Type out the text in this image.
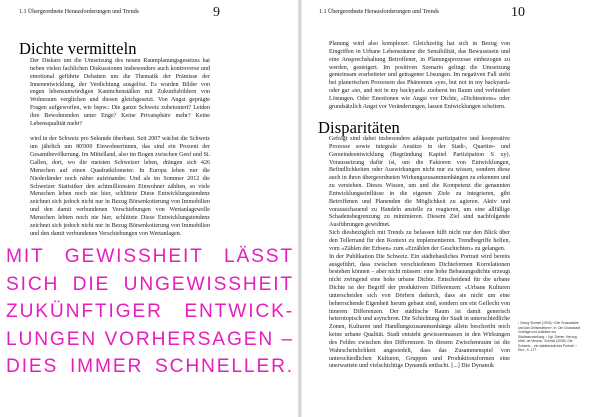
1.1 Übergeordnete Herausforderungen und Trends	9
Dichte vermitteln

Der Diskurs um die Umsetzung des neuen Raumplanungsgesetzes hat neben vielen fachlichen Diskussionen insbesondere auch kontroverse und emotional geführte Debatten um die Thematik der Prämisse der Innenentwicklung, der Verdichtung ausgelöst. Es wurden Bilder von engen lebensunwürdigen Kaninchenställen mit Zukunftsbildern von Wohnraum verglichen und diesen gleichgesetzt. Von Angst geprägte Fragen aufgeworfen, wie bspw.: Die ganze Schweiz zubetoniert? Leiden ihre Bewohnenden unter Enge? Keine Privatsphäre mehr? Keine Lebensqualität mehr?

wird in der Schweiz pro Sekunde überbaut. Seit 2007 wächst die Schweiz um jährlich um 80'000 Einwohnerinnen, das sind ein Prozent der Gesamtbevölkerung. Im Mittelland, also im Bogen zwischen Genf und St. Gallen, dort, wo die meisten Schweizer leben, drängen sich 426 Menschen auf einen Quadratkilometer. In Europa leben nur die Niederländer noch näher aufeinander. Und als im Sommer 2012 die Schweizer Statistiker den achtmillionsten Einwohner zählten, so viele Menschen leben noch nie hier, schlittete Diese Entwicklungstendenz zeichnet sich jedoch nicht nur in Bezug Börsenkotierung von Immobilien und den damit verbundenen Verschiebungen von Wertanlagewelle Menschen lebten noch nie hier, schlittete Diese Entwicklungstendenz zeichnet sich jedoch nicht nur in Bezug Börsenkotierung von Immobilien und den damit verbundenen Verschiebungen von Wertanlagen.

MIT GEWISSHEIT LÄSST
SICH DIE UNGEWISSHEIT
ZUKÜNFTIGER ENTWICK-
LUNGEN VORHERSAGEN –
DIES IMMER SCHNELLER.
1.1 Übergeordnete Herausforderungen und Trends	10

Planung wird also komplexer. Gleichzeitig hat sich in Bezug von Eingriffen in Urbane Lebensräume die Sensibilität, das Bewusstsein und eine Ansprechshaltung Betroffener, in Planungsprozesse einbezogen zu werden, gesteigert. Im positiven Szenario gelingt die Umsetzung gemeinsam erarbeiteter und getragener Lösungen. Im negativen Fall steht bei planerischen Prozessen das Phänomen «yes, but not in my backyard» oder gar «no, and not in my backyard» zuoberst im Raum und verhindert Lösungen. Oder Emotionen wie Angst vor Dichte, «Dichtestress» oder grundsätzlich Angst vor Veränderungen, lassen Entwicklungen scheitern.

Disparitäten

Gefragt sind dabei insbesondere adäquate partizipative und kooperative Prozesse sowie integrale Ansätze in der Stadt-, Quartier- und Gemeindeentwicklung (Begründung Kapitel Partizipation S xy). Voraussetzung dafür ist, um die Faktoren von Entwicklungen, Befindlichkeiten oder Auswirkungen nicht nur zu wissen, sondern diese auch in ihren übergeordneten Wirkungszusammenhängen zu erkennen und zu verstehen. Dieses Wissen, um und die Kompetenz die genannten Entwicklungseinflüsse in die eigenen Ziele zu integrieren, gibt Betroffenen und Planenden die Möglichkeit zu agieren. Aktiv und vorausschauend zu Handeln anstelle zu reagieren, um eine allfällige Schadensbegrenzung zu minimieren. Diesem Ziel sind nachfolgende Ausführungen gewidmet.

Sich diesbezüglich mit Trends zu befassen hilft nicht nur den Blick über den Tellerrand für den Kontext zu implementieren. Trendbegriffe helfen, vom «Zählen der Erbsen» zum «Erzählen der Geschichten» zu gelangen.

In der Publikation Die Schweiz. Ein städtebauliches Portrait wird bereits ausgeführt, dass zwischen verschiedenen Dichteformen Korrelationen bestehen können – aber nicht müssen: eine hohe Bebauungsdichte erzeugt nicht zwingend eine hohe urbane Dichte. Entscheidend für die urbane Dichte ist der Begriff der produktiven Differenzen: «Urbane Kulturen unterscheiden sich von Dörfern dadurch, dass sie nicht um eine beherrschende Eigenheit herum gebaut sind, sondern um ein Geflecht von inneren Differenzen. Der städtische Raum ist damit generisch heterotopisch und asynchron. Die Schichtung der Stadt in unterschiedliche Zonen, Kulturen und Handlungszusammenhänge allein beschreibt noch keine urbane Qualität. Stadt entsteht gewissermassen in den Wirkungen des Feldes zwischen den Differenzen. In diesem Zwischenraum ist die Wahrscheinlichkeit angesiedelt, dass das Zusammenspiel von unterschiedlichen Kulturen, Gruppen und Produktionsformen eine unerwartete und vielschichtige Dynamik entfacht. [...] Die Dynamik

¹ Georg Simmel (1903): «Die Grossstädte und das Geistesleben». In: Die Grossstadt. Vorträge und Aufsätze zur Städteausstellung. ² Vgl. Diener, Herzog, Meili, de Meuron, Schmid (2006): Die Schweiz – ein städtebauliches Portrait. ³ Ebd., S. 177.
